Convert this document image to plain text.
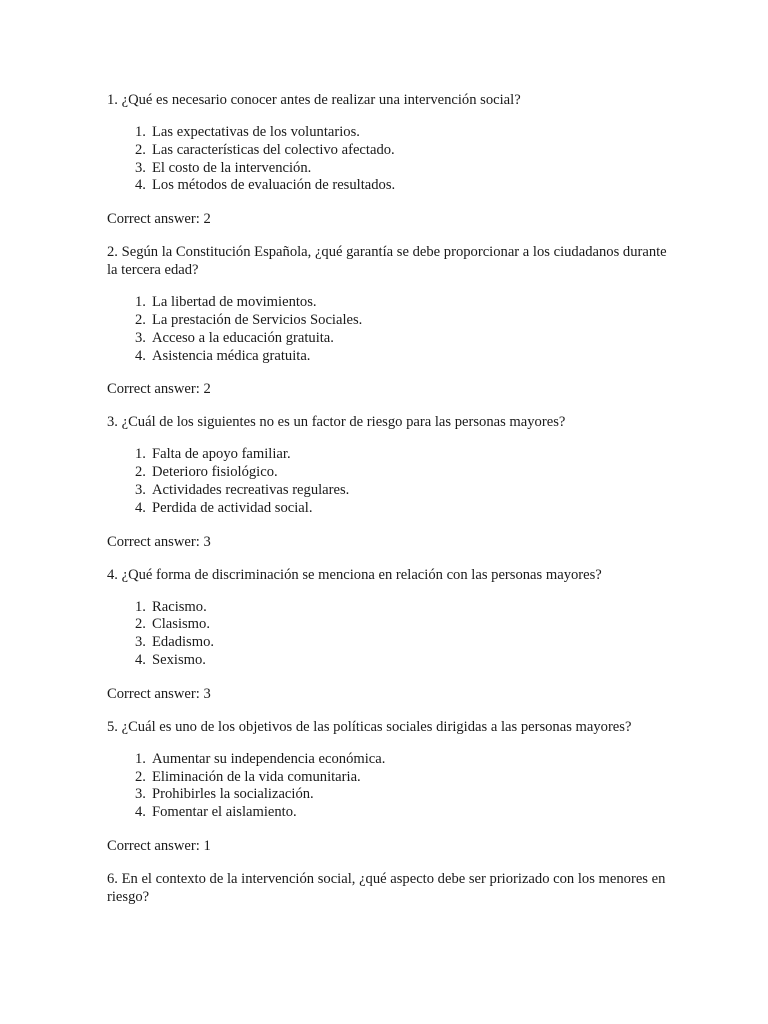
1. ¿Qué es necesario conocer antes de realizar una intervención social?

1. Las expectativas de los voluntarios.
2. Las características del colectivo afectado.
3. El costo de la intervención.
4. Los métodos de evaluación de resultados.

Correct answer: 2

2. Según la Constitución Española, ¿qué garantía se debe proporcionar a los ciudadanos durante la tercera edad?

1. La libertad de movimientos.
2. La prestación de Servicios Sociales.
3. Acceso a la educación gratuita.
4. Asistencia médica gratuita.

Correct answer: 2

3. ¿Cuál de los siguientes no es un factor de riesgo para las personas mayores?

1. Falta de apoyo familiar.
2. Deterioro fisiológico.
3. Actividades recreativas regulares.
4. Perdida de actividad social.

Correct answer: 3

4. ¿Qué forma de discriminación se menciona en relación con las personas mayores?

1. Racismo.
2. Clasismo.
3. Edadismo.
4. Sexismo.

Correct answer: 3

5. ¿Cuál es uno de los objetivos de las políticas sociales dirigidas a las personas mayores?

1. Aumentar su independencia económica.
2. Eliminación de la vida comunitaria.
3. Prohibirles la socialización.
4. Fomentar el aislamiento.

Correct answer: 1

6. En el contexto de la intervención social, ¿qué aspecto debe ser priorizado con los menores en riesgo?
